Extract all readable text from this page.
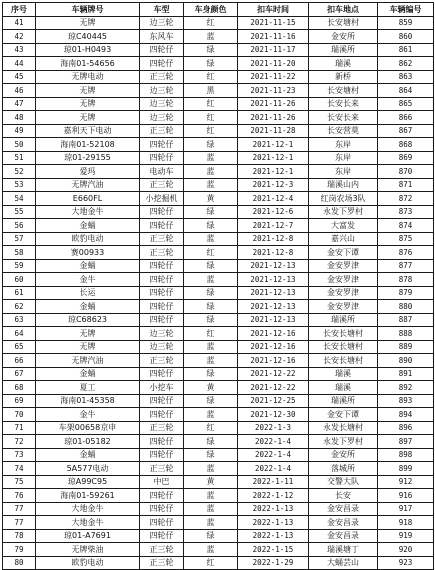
序号	车辆牌号	车型	车身颜色	扣车时间	扣车地点	车辆编号
41	无牌	边三轮	红	2021-11-15	长安塘村	859
42	琼C40445	东风车	蓝	2021-11-16	金安所	860
43	琼01-H0493	四轮仔	绿	2021-11-17	瑞溪所	861
44	海南01-54656	四轮仔	绿	2021-11-20	瑞溪	862
45	无牌电动	正三轮	红	2021-11-22	新桥	863
46	无牌	边三轮	黑	2021-11-23	长安塘村	864
47	无牌	边三轮	红	2021-11-26	长安长来	865
48	无牌	边三轮	红	2021-11-26	长安长来	866
49	嘉利天下电动	正三轮	红	2021-11-28	长安营莫	867
50	海南01-52108	四轮仔	绿	2021-12-1	东岸	868
51	琼01-29155	四轮仔	蓝	2021-12-1	东岸	869
52	爱玛	电动车	蓝	2021-12-1	东岸	870
53	无牌汽油	正三轮	蓝	2021-12-3	瑞溪山内	871
54	E660FL	小挖掘机	黄	2021-12-4	红岗农场3队	872
55	大地金牛	四轮仔	绿	2021-12-6	永发下罗村	873
56	金蛹	四轮仔	绿	2021-12-7	大富发	874
57	欧豹电动	正三轮	蓝	2021-12-8	嘉兴山	875
58	赛00933	正三轮	红	2021-12-8	金安下谭	876
59	金蛹	四轮仔	绿	2021-12-13	金安罗津	877
60	金牛	四轮仔	蓝	2021-12-13	金安罗津	878
61	长运	四轮仔	绿	2021-12-13	金安罗津	879
62	金蛹	四轮仔	绿	2021-12-13	金安罗津	880
63	琼C68623	四轮仔	绿	2021-12-13	瑞溪所	887
64	无牌	边三轮	红	2021-12-16	长安长塘村	888
65	无牌	边三轮	蓝	2021-12-16	长安长塘村	889
66	无牌汽油	正三轮	蓝	2021-12-16	长安长塘村	890
67	金蛹	四轮仔	绿	2021-12-22	瑞溪	891
68	夏工	小挖车	黄	2021-12-22	瑞溪	892
69	海南01-45358	四轮仔	绿	2021-12-25	瑞溪所	893
70	金牛	四轮仔	蓝	2021-12-30	金安下谭	894
71	车架00658京申	正三轮	红	2022-1-3	永发长塘村	896
72	琼01-05182	四轮仔	绿	2022-1-4	永发下罗村	897
73	金蛹	四轮仔	绿	2022-1-4	金安所	898
74	5A577电动	正三轮	蓝	2022-1-4	落城所	899
75	琼A99C95	中巴	黄	2022-1-11	交警大队	912
76	海南01-59261	四轮仔	蓝	2022-1-12	长安	916
77	大地金牛	四轮仔	蓝	2022-1-13	金安昌录	917
77	大地金牛	四轮仔	蓝	2022-1-13	金安昌录	918
78	琼01-A7691	四轮仔	绿	2022-1-13	金安昌录	919
79	无牌柴油	正三轮	蓝	2022-1-15	瑞溪塘丁	920
80	欧豹电动	正三轮	红	2022-1-29	大蛹芸山	923
